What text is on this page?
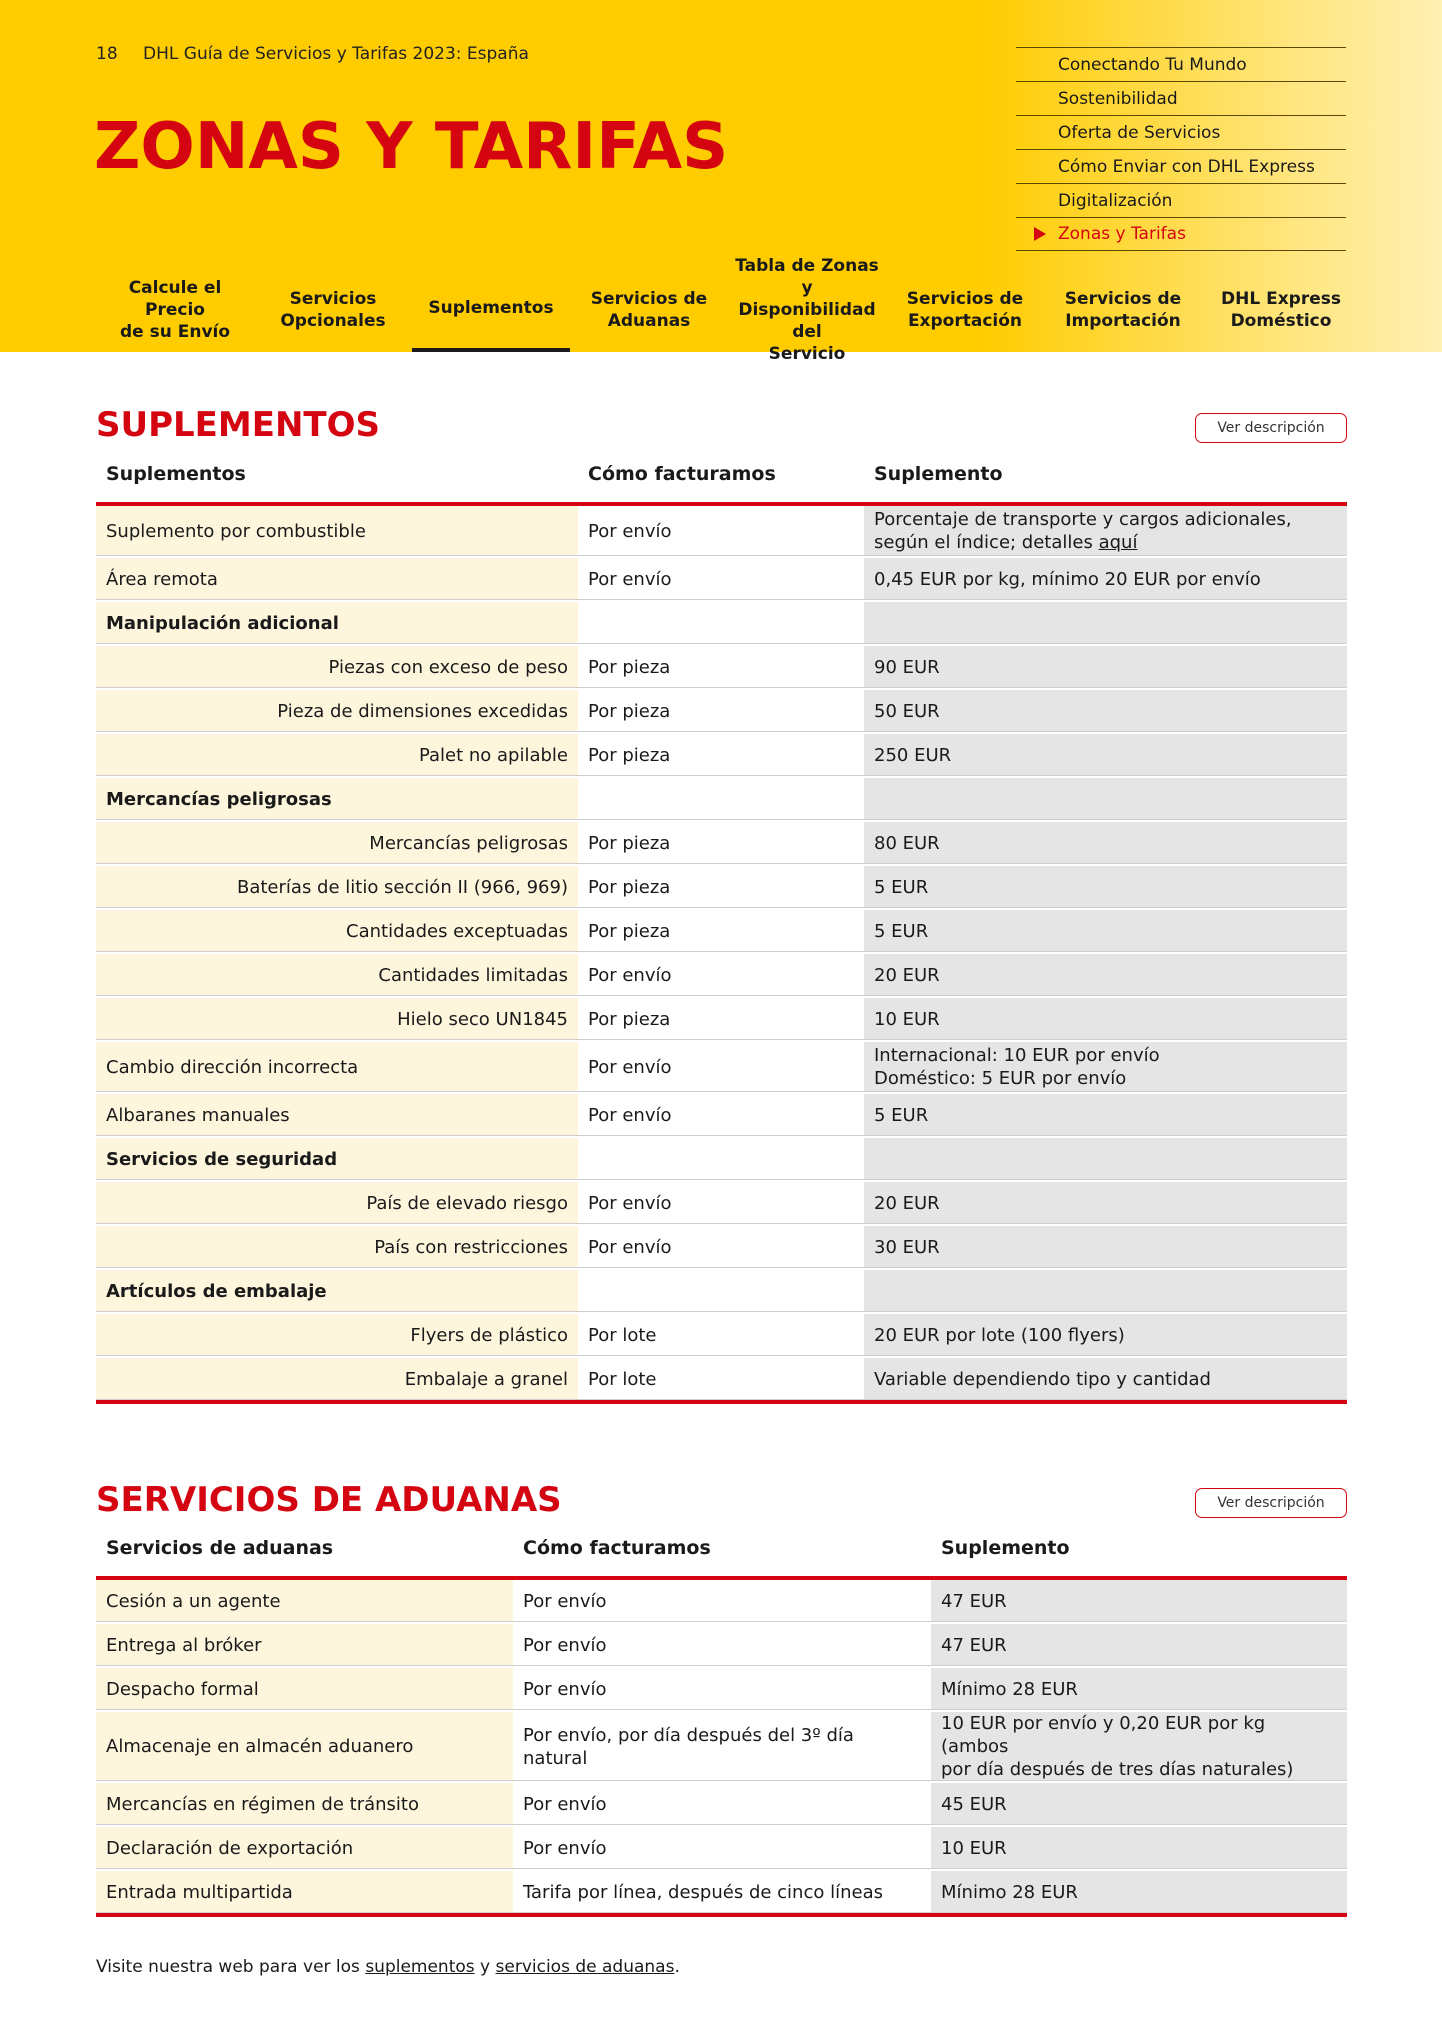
18 DHL Guía de Servicios y Tarifas 2023: España
ZONAS Y TARIFAS
Conectando Tu Mundo
Sostenibilidad
Oferta de Servicios
Cómo Enviar con DHL Express
Digitalización
Zonas y Tarifas
Calcule el Precio
de su Envío
Servicios
Opcionales
Suplementos	Servicios de
Aduanas
Tabla de Zonas y
Disponibilidad del
Servicio
Servicios de
Exportación
Servicios de
Importación
DHL Express
Doméstico
SUPLEMENTOS	Ver descripción
Suplementos	Cómo facturamos	Suplemento
Suplemento por combustible	Por envío	Porcentaje de transporte y cargos adicionales,
según el índice; detalles aquí

Área remota	Por envío	0,45 EUR por kg, mínimo 20 EUR por envío
Manipulación adicional		
Piezas con exceso de peso	Por pieza	90 EUR
Pieza de dimensiones excedidas	Por pieza	50 EUR
Palet no apilable	Por pieza	250 EUR
Mercancías peligrosas		
Mercancías peligrosas	Por pieza	80 EUR
Baterías de litio sección II (966, 969)	Por pieza	5 EUR
Cantidades exceptuadas	Por pieza	5 EUR
Cantidades limitadas	Por envío	20 EUR
Hielo seco UN1845	Por pieza	10 EUR
Cambio dirección incorrecta	Por envío	Internacional: 10 EUR por envío
Doméstico: 5 EUR por envío

Albaranes manuales	Por envío	5 EUR
Servicios de seguridad		
País de elevado riesgo	Por envío	20 EUR
País con restricciones	Por envío	30 EUR
Artículos de embalaje		
Flyers de plástico	Por lote	20 EUR por lote (100 flyers)
Embalaje a granel	Por lote	Variable dependiendo tipo y cantidad
SERVICIOS DE ADUANAS	Ver descripción
Servicios de aduanas	Cómo facturamos	Suplemento
Cesión a un agente	Por envío	47 EUR
Entrega al bróker	Por envío	47 EUR
Despacho formal	Por envío	Mínimo 28 EUR
Almacenaje en almacén aduanero	Por envío, por día después del 3º día natural	10 EUR por envío y 0,20 EUR por kg (ambos
por día después de tres días naturales)

Mercancías en régimen de tránsito	Por envío	45 EUR
Declaración de exportación	Por envío	10 EUR
Entrada multipartida	Tarifa por línea, después de cinco líneas	Mínimo 28 EUR
Visite nuestra web para ver los suplementos y servicios de aduanas.
